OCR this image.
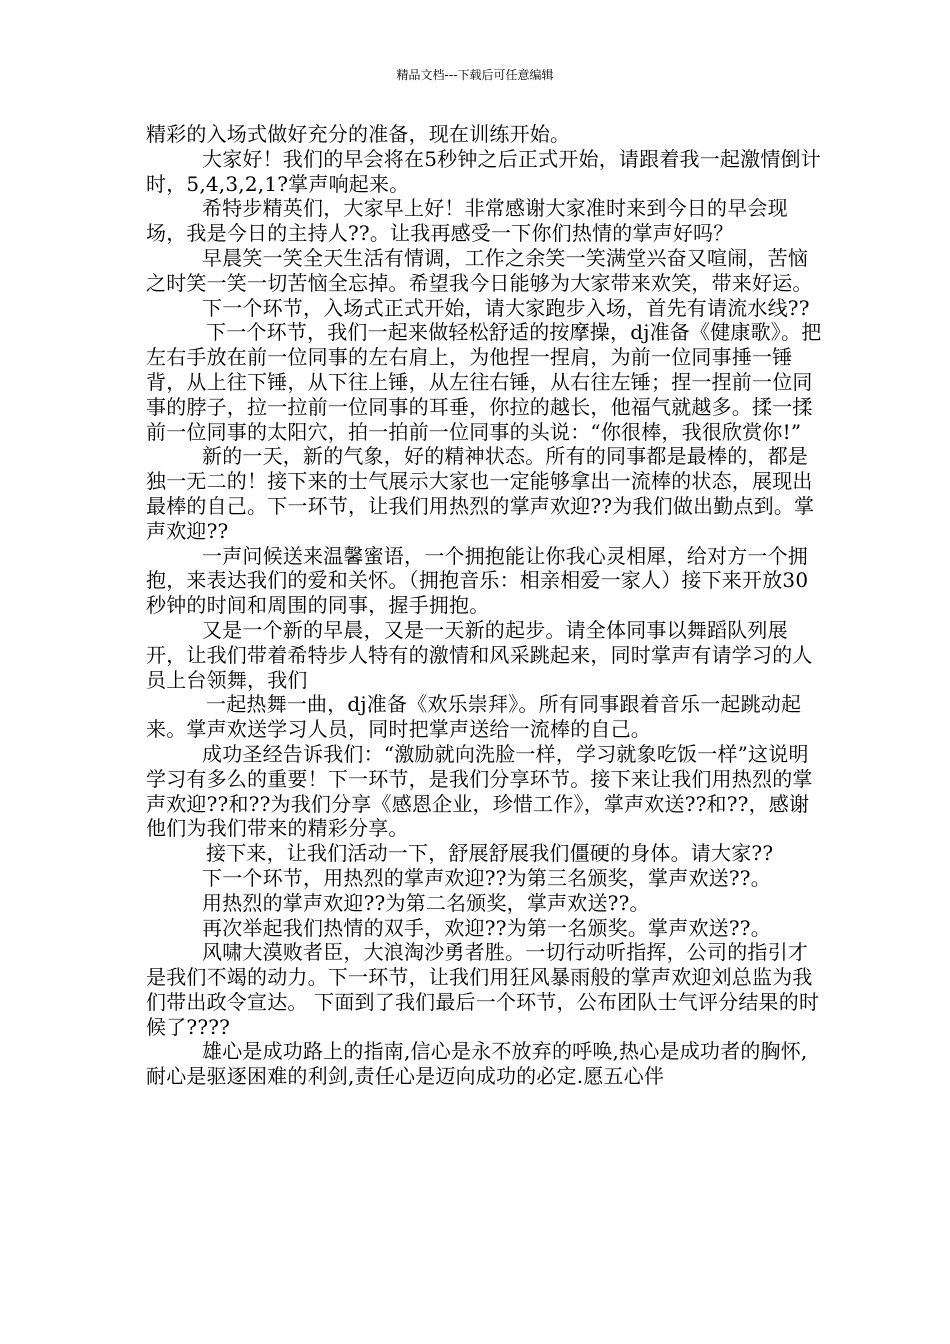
精品文档---下载后可任意编辑

精彩的入场式做好充分的准备，现在训练开始。

大家好！我们的早会将在5秒钟之后正式开始，请跟着我一起激情倒计时，5,4,3,2,1?掌声响起来。

希特步精英们，大家早上好！非常感谢大家准时来到今日的早会现场，我是今日的主持人??。让我再感受一下你们热情的掌声好吗？

早晨笑一笑全天生活有情调，工作之余笑一笑满堂兴奋又喧闹，苦恼之时笑一笑一切苦恼全忘掉。希望我今日能够为大家带来欢笑，带来好运。

下一个环节，入场式正式开始，请大家跑步入场，首先有请流水线??

下一个环节，我们一起来做轻松舒适的按摩操，dj准备《健康歌》。把左右手放在前一位同事的左右肩上，为他捏一捏肩，为前一位同事捶一锤背，从上往下锤，从下往上锤，从左往右锤，从右往左锤；捏一捏前一位同事的脖子，拉一拉前一位同事的耳垂，你拉的越长，他福气就越多。揉一揉前一位同事的太阳穴，拍一拍前一位同事的头说：“你很棒，我很欣赏你!”

新的一天，新的气象，好的精神状态。所有的同事都是最棒的，都是独一无二的！接下来的士气展示大家也一定能够拿出一流棒的状态，展现出最棒的自己。下一环节，让我们用热烈的掌声欢迎??为我们做出勤点到。掌声欢迎??

一声问候送来温馨蜜语，一个拥抱能让你我心灵相犀，给对方一个拥抱，来表达我们的爱和关怀。（拥抱音乐：相亲相爱一家人）接下来开放30秒钟的时间和周围的同事，握手拥抱。

又是一个新的早晨，又是一天新的起步。请全体同事以舞蹈队列展开，让我们带着希特步人特有的激情和风采跳起来，同时掌声有请学习的人员上台领舞，我们

一起热舞一曲，dj准备《欢乐崇拜》。所有同事跟着音乐一起跳动起来。掌声欢送学习人员，同时把掌声送给一流棒的自己。

成功圣经告诉我们：“激励就向洗脸一样，学习就象吃饭一样”这说明学习有多么的重要！下一环节，是我们分享环节。接下来让我们用热烈的掌声欢迎??和??为我们分享《感恩企业，珍惜工作》，掌声欢送??和??，感谢他们为我们带来的精彩分享。

接下来，让我们活动一下，舒展舒展我们僵硬的身体。请大家??

下一个环节，用热烈的掌声欢迎??为第三名颁奖，掌声欢送??。

用热烈的掌声欢迎??为第二名颁奖，掌声欢送??。

再次举起我们热情的双手，欢迎??为第一名颁奖。掌声欢送??。

风啸大漠败者臣，大浪淘沙勇者胜。一切行动听指挥，公司的指引才是我们不竭的动力。下一环节，让我们用狂风暴雨般的掌声欢迎刘总监为我们带出政令宣达。 下面到了我们最后一个环节，公布团队士气评分结果的时候了????

雄心是成功路上的指南,信心是永不放弃的呼唤,热心是成功者的胸怀,耐心是驱逐困难的利剑,责任心是迈向成功的必定.愿五心伴
